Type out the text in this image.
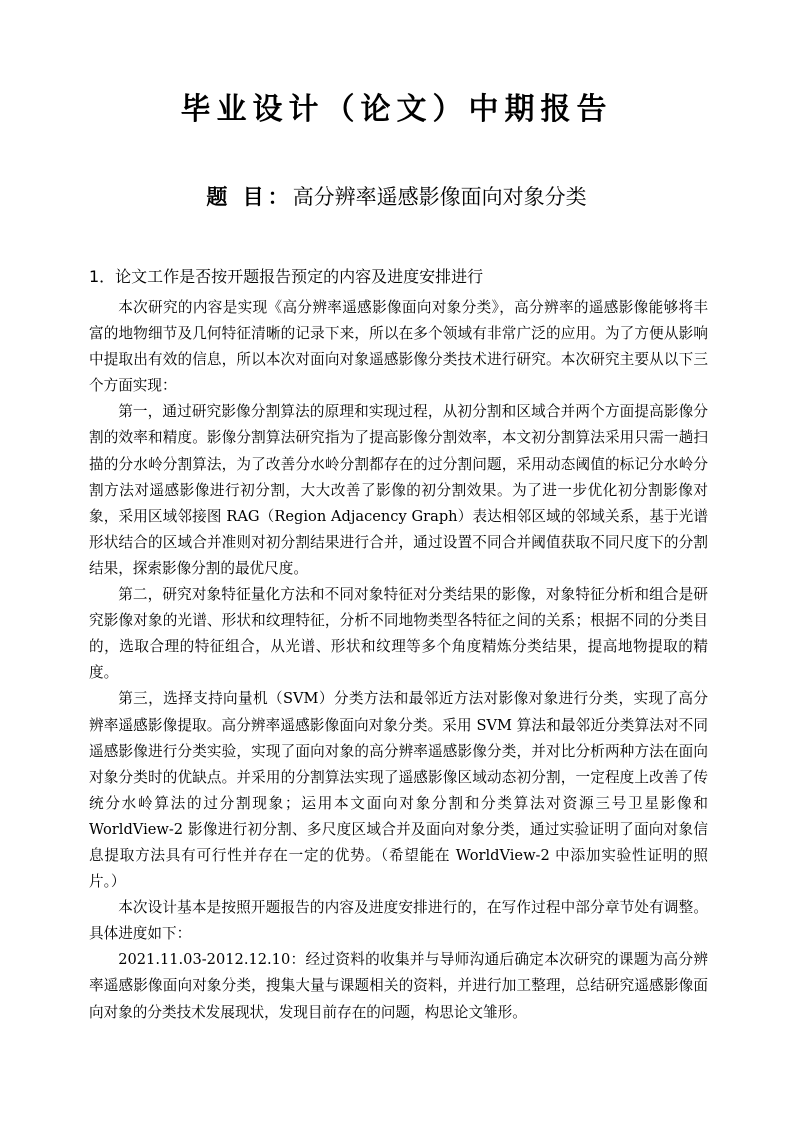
毕业设计（论文）中期报告

题 目：高分辨率遥感影像面向对象分类

1．论文工作是否按开题报告预定的内容及进度安排进行

本次研究的内容是实现《高分辨率遥感影像面向对象分类》，高分辨率的遥感影像能够将丰富的地物细节及几何特征清晰的记录下来，所以在多个领域有非常广泛的应用。为了方便从影响中提取出有效的信息，所以本次对面向对象遥感影像分类技术进行研究。本次研究主要从以下三个方面实现：

第一，通过研究影像分割算法的原理和实现过程，从初分割和区域合并两个方面提高影像分割的效率和精度。影像分割算法研究指为了提高影像分割效率，本文初分割算法采用只需一趟扫描的分水岭分割算法，为了改善分水岭分割都存在的过分割问题，采用动态阈值的标记分水岭分割方法对遥感影像进行初分割，大大改善了影像的初分割效果。为了进一步优化初分割影像对象，采用区域邻接图 RAG（Region Adjacency Graph）表达相邻区域的邻域关系，基于光谱形状结合的区域合并准则对初分割结果进行合并，通过设置不同合并阈值获取不同尺度下的分割结果，探索影像分割的最优尺度。

第二，研究对象特征量化方法和不同对象特征对分类结果的影像，对象特征分析和组合是研究影像对象的光谱、形状和纹理特征，分析不同地物类型各特征之间的关系；根据不同的分类目的，选取合理的特征组合，从光谱、形状和纹理等多个角度精炼分类结果，提高地物提取的精度。

第三，选择支持向量机（SVM）分类方法和最邻近方法对影像对象进行分类，实现了高分辨率遥感影像提取。高分辨率遥感影像面向对象分类。采用 SVM 算法和最邻近分类算法对不同遥感影像进行分类实验，实现了面向对象的高分辨率遥感影像分类，并对比分析两种方法在面向对象分类时的优缺点。并采用的分割算法实现了遥感影像区域动态初分割，一定程度上改善了传统分水岭算法的过分割现象；运用本文面向对象分割和分类算法对资源三号卫星影像和 WorldView-2 影像进行初分割、多尺度区域合并及面向对象分类，通过实验证明了面向对象信息提取方法具有可行性并存在一定的优势。（希望能在 WorldView-2 中添加实验性证明的照片。）

本次设计基本是按照开题报告的内容及进度安排进行的，在写作过程中部分章节处有调整。具体进度如下：

2021.11.03-2012.12.10：经过资料的收集并与导师沟通后确定本次研究的课题为高分辨率遥感影像面向对象分类，搜集大量与课题相关的资料，并进行加工整理，总结研究遥感影像面向对象的分类技术发展现状，发现目前存在的问题，构思论文雏形。
